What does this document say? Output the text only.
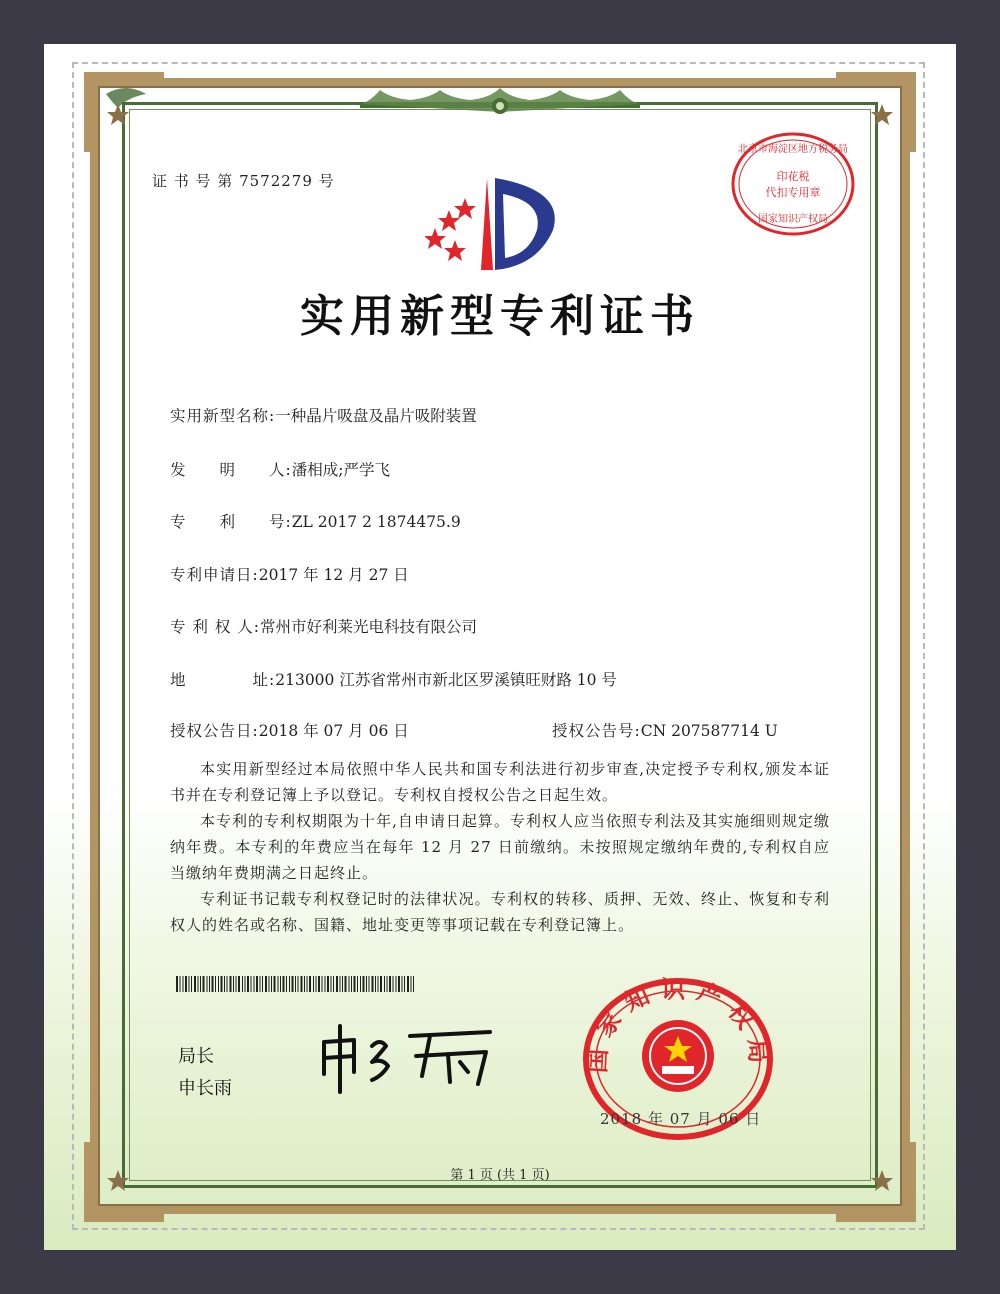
证 书 号 第 7572279 号
北京市海淀区地方税务局
印花税
代扣专用章
国家知识产权局
实用新型专利证书
实用新型名称:一种晶片吸盘及晶片吸附装置
发　　明　　人:潘相成;严学飞
专　　利　　号:ZL 2017 2 1874475.9
专利申请日:2017 年 12 月 27 日
专 利 权 人:常州市好利莱光电科技有限公司
地　　　　址:213000 江苏省常州市新北区罗溪镇旺财路 10 号
授权公告日:2018 年 07 月 06 日	授权公告号:CN 207587714 U

本实用新型经过本局依照中华人民共和国专利法进行初步审查,决定授予专利权,颁发本证书并在专利登记簿上予以登记。专利权自授权公告之日起生效。

本专利的专利权期限为十年,自申请日起算。专利权人应当依照专利法及其实施细则规定缴纳年费。本专利的年费应当在每年 12 月 27 日前缴纳。未按照规定缴纳年费的,专利权自应当缴纳年费期满之日起终止。

专利证书记载专利权登记时的法律状况。专利权的转移、质押、无效、终止、恢复和专利权人的姓名或名称、国籍、地址变更等事项记载在专利登记簿上。

局长
申长雨
国家知识产权局
2018 年 07 月 06 日
第 1 页 (共 1 页)
